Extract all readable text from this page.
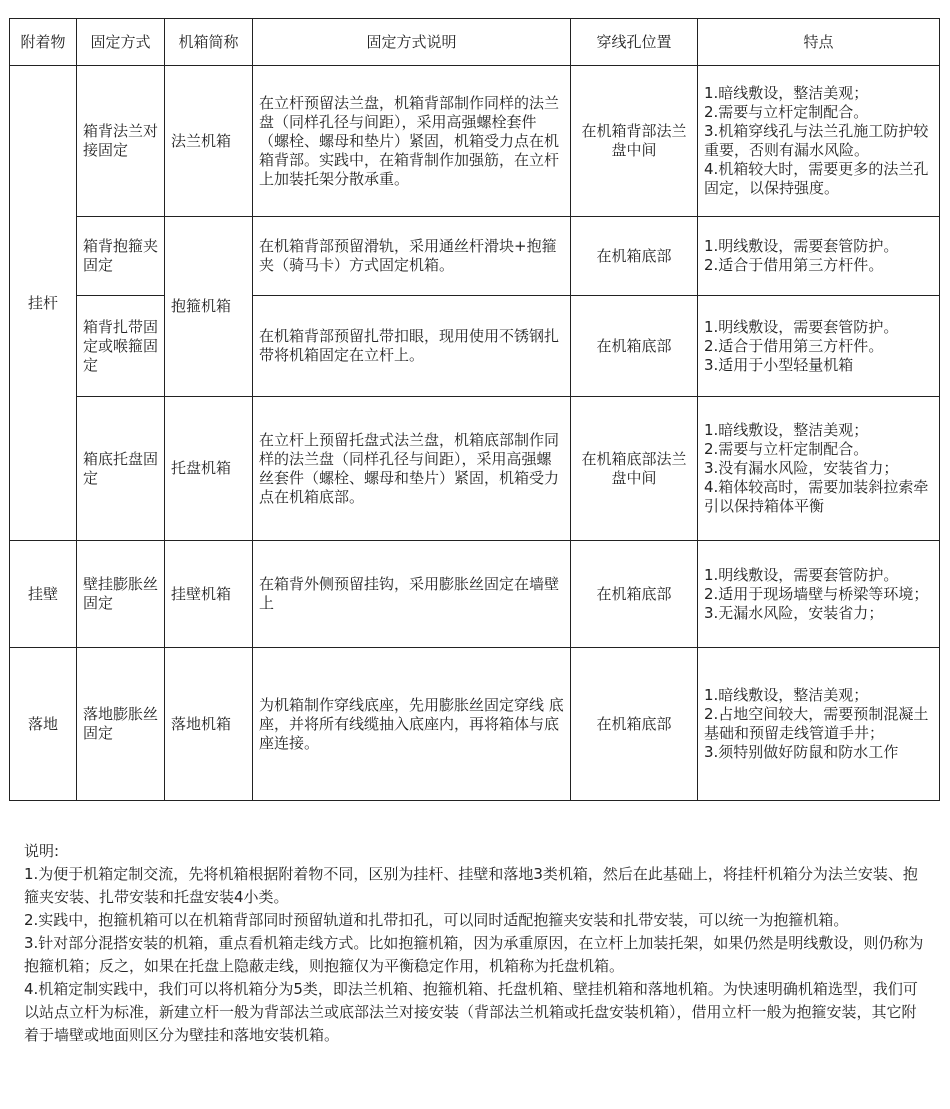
附着物	固定方式	机箱简称	固定方式说明	穿线孔位置	特点
挂杆	箱背法兰对接固定	法兰机箱	在立杆预留法兰盘，机箱背部制作同样的法兰盘（同样孔径与间距），采用高强螺栓套件（螺栓、螺母和垫片）紧固，机箱受力点在机箱背部。实践中，在箱背制作加强筋，在立杆上加装托架分散承重。	在机箱背部法兰盘中间	1.暗线敷设，整洁美观；
2.需要与立杆定制配合。
3.机箱穿线孔与法兰孔施工防护较重要，否则有漏水风险。
4.机箱较大时，需要更多的法兰孔固定，以保持强度。

	箱背抱箍夹固定	抱箍机箱	在机箱背部预留滑轨，采用通丝杆滑块+抱箍夹（骑马卡）方式固定机箱。	在机箱底部	1.明线敷设，需要套管防护。
2.适合于借用第三方杆件。

	箱背扎带固定或喉箍固定		在机箱背部预留扎带扣眼，现用使用不锈钢扎带将机箱固定在立杆上。	在机箱底部	1.明线敷设，需要套管防护。
2.适合于借用第三方杆件。
3.适用于小型轻量机箱

	箱底托盘固定	托盘机箱	在立杆上预留托盘式法兰盘，机箱底部制作同样的法兰盘（同样孔径与间距），采用高强螺丝套件（螺栓、螺母和垫片）紧固，机箱受力点在机箱底部。	在机箱底部法兰盘中间	1.暗线敷设，整洁美观；
2.需要与立杆定制配合。
3.没有漏水风险，安装省力；
4.箱体较高时，需要加装斜拉索牵引以保持箱体平衡

挂壁	壁挂膨胀丝固定	挂壁机箱	在箱背外侧预留挂钩，采用膨胀丝固定在墙壁上	在机箱底部	1.明线敷设，需要套管防护。
2.适用于现场墙壁与桥梁等环境；
3.无漏水风险，安装省力；

落地	落地膨胀丝固定	落地机箱	为机箱制作穿线底座，先用膨胀丝固定穿线 底座，并将所有线缆抽入底座内，再将箱体与底座连接。	在机箱底部	1.暗线敷设，整洁美观；
2.占地空间较大，需要预制混凝土基础和预留走线管道手井；
3.须特别做好防鼠和防水工作

说明:

1.为便于机箱定制交流，先将机箱根据附着物不同，区别为挂杆、挂壁和落地3类机箱，然后在此基础上，将挂杆机箱分为法兰安装、抱箍夹安装、扎带安装和托盘安装4小类。

2.实践中，抱箍机箱可以在机箱背部同时预留轨道和扎带扣孔，可以同时适配抱箍夹安装和扎带安装，可以统一为抱箍机箱。

3.针对部分混搭安装的机箱，重点看机箱走线方式。比如抱箍机箱，因为承重原因，在立杆上加装托架，如果仍然是明线敷设，则仍称为抱箍机箱；反之，如果在托盘上隐蔽走线，则抱箍仅为平衡稳定作用，机箱称为托盘机箱。

4.机箱定制实践中，我们可以将机箱分为5类，即法兰机箱、抱箍机箱、托盘机箱、壁挂机箱和落地机箱。为快速明确机箱选型，我们可以站点立杆为标准，新建立杆一般为背部法兰或底部法兰对接安装（背部法兰机箱或托盘安装机箱），借用立杆一般为抱箍安装，其它附着于墙壁或地面则区分为壁挂和落地安装机箱。
